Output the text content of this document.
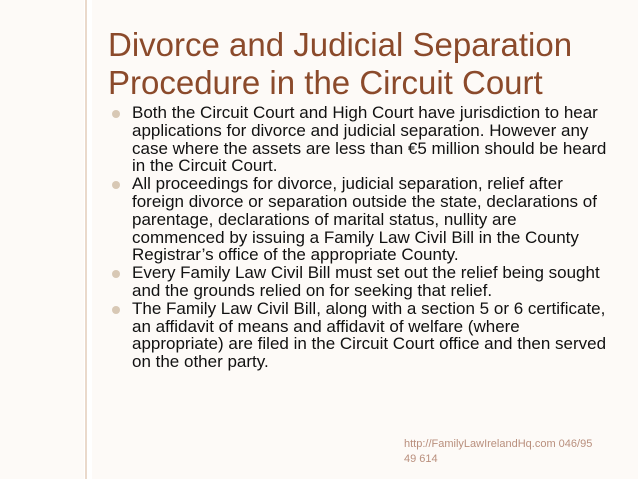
Divorce and Judicial Separation
Procedure in the Circuit Court
Both the Circuit Court and High Court have jurisdiction to hear applications for divorce and judicial separation. However any case where the assets are less than €5 million should be heard in the Circuit Court.
All proceedings for divorce, judicial separation, relief after foreign divorce or separation outside the state, declarations of parentage, declarations of marital status, nullity are commenced by issuing a Family Law Civil Bill in the County Registrar’s office of the appropriate County.
Every Family Law Civil Bill must set out the relief being sought and the grounds relied on for seeking that relief.
The Family Law Civil Bill, along with a section 5 or 6 certificate, an affidavit of means and affidavit of welfare (where appropriate) are filed in the Circuit Court office and then served on the other party.
http://FamilyLawIrelandHq.com 046/95 49 614
